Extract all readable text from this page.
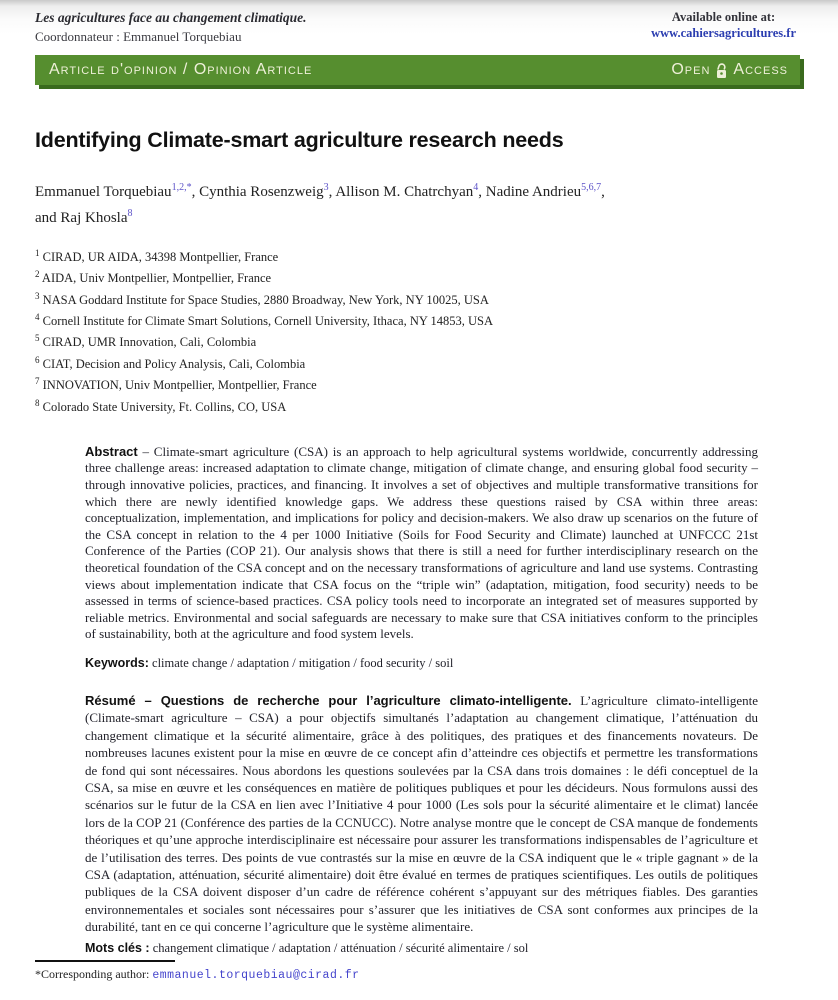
Les agricultures face au changement climatique.
Coordonnateur : Emmanuel Torquebiau
Available online at:
www.cahiersagricultures.fr
Article d'opinion / Opinion Article	Open Access
Identifying Climate-smart agriculture research needs
Emmanuel Torquebiau$^{1,2,*}$, Cynthia Rosenzweig$^3$, Allison M. Chatrchyan$^4$, Nadine Andrieu$^{5,6,7}$,
and Raj Khosla$^8$
$^1$ CIRAD, UR AIDA, 34398 Montpellier, France
$^2$ AIDA, Univ Montpellier, Montpellier, France
$^3$ NASA Goddard Institute for Space Studies, 2880 Broadway, New York, NY 10025, USA
$^4$ Cornell Institute for Climate Smart Solutions, Cornell University, Ithaca, NY 14853, USA
$^5$ CIRAD, UMR Innovation, Cali, Colombia
$^6$ CIAT, Decision and Policy Analysis, Cali, Colombia
$^7$ INNOVATION, Univ Montpellier, Montpellier, France
$^8$ Colorado State University, Ft. Collins, CO, USA
Abstract – Climate-smart agriculture (CSA) is an approach to help agricultural systems worldwide, concurrently addressing three challenge areas: increased adaptation to climate change, mitigation of climate change, and ensuring global food security – through innovative policies, practices, and financing. It involves a set of objectives and multiple transformative transitions for which there are newly identified knowledge gaps. We address these questions raised by CSA within three areas: conceptualization, implementation, and implications for policy and decision-makers. We also draw up scenarios on the future of the CSA concept in relation to the 4 per 1000 Initiative (Soils for Food Security and Climate) launched at UNFCCC 21st Conference of the Parties (COP 21). Our analysis shows that there is still a need for further interdisciplinary research on the theoretical foundation of the CSA concept and on the necessary transformations of agriculture and land use systems. Contrasting views about implementation indicate that CSA focus on the “triple win” (adaptation, mitigation, food security) needs to be assessed in terms of science-based practices. CSA policy tools need to incorporate an integrated set of measures supported by reliable metrics. Environmental and social safeguards are necessary to make sure that CSA initiatives conform to the principles of sustainability, both at the agriculture and food system levels.
Keywords: climate change / adaptation / mitigation / food security / soil
Résumé – Questions de recherche pour l’agriculture climato-intelligente. L’agriculture climato-intelligente (Climate-smart agriculture – CSA) a pour objectifs simultanés l’adaptation au changement climatique, l’atténuation du changement climatique et la sécurité alimentaire, grâce à des politiques, des pratiques et des financements novateurs. De nombreuses lacunes existent pour la mise en œuvre de ce concept afin d’atteindre ces objectifs et permettre les transformations de fond qui sont nécessaires. Nous abordons les questions soulevées par la CSA dans trois domaines : le défi conceptuel de la CSA, sa mise en œuvre et les conséquences en matière de politiques publiques et pour les décideurs. Nous formulons aussi des scénarios sur le futur de la CSA en lien avec l’Initiative 4 pour 1000 (Les sols pour la sécurité alimentaire et le climat) lancée lors de la COP 21 (Conférence des parties de la CCNUCC). Notre analyse montre que le concept de CSA manque de fondements théoriques et qu’une approche interdisciplinaire est nécessaire pour assurer les transformations indispensables de l’agriculture et de l’utilisation des terres. Des points de vue contrastés sur la mise en œuvre de la CSA indiquent que le « triple gagnant » de la CSA (adaptation, atténuation, sécurité alimentaire) doit être évalué en termes de pratiques scientifiques. Les outils de politiques publiques de la CSA doivent disposer d’un cadre de référence cohérent s’appuyant sur des métriques fiables. Des garanties environnementales et sociales sont nécessaires pour s’assurer que les initiatives de CSA sont conformes aux principes de la durabilité, tant en ce qui concerne l’agriculture que le système alimentaire.
Mots clés : changement climatique / adaptation / atténuation / sécurité alimentaire / sol
*Corresponding author: emmanuel.torquebiau@cirad.fr
